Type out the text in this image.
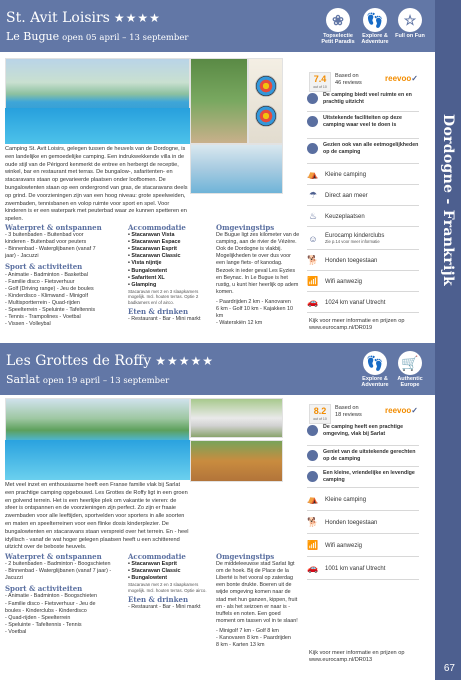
Dordogne - Frankrijk
67
St. Avit Loisirs ★★★★
Le Bugue open 05 april – 13 september
❀
Topselectie Petit Paradis
👣
Explore & Adventure
☆
Full on Fun

Camping St. Avit Loisirs, gelegen tussen de heuvels van de Dordogne, is een landelijke en gemoedelijke camping. Een indrukwekkende villa in de oude stijl van de Périgord kenmerkt de entree en herbergt de receptie, winkel, bar en restaurant met terras. De bungalow-, safaritenten- en stacaravans staan op gevarieerde plaatsen onder loofbomen. De bungalowtenten staan op een ondergrond van gras, de stacaravans deels op grind. De voorzieningen zijn van een hoog niveau: grote speelweiden, zwembaden, tennisbanen en volop ruimte voor sport en spel. Voor kinderen is er een waterpark met peuterbad waar ze kunnen spetteren en spelen.

Waterpret & ontspannen
- 3 buitenbaden - Buitenbad voor kinderen - Buitenbad voor peuters
- Binnenbad - Waterglijbanen (vanaf 7 jaar) - Jacuzzi
Sport & activiteiten
- Animatie - Badminton - Basketbal
- Familie disco - Fietsverhuur
- Golf (Driving range) - Jeu de boules
- Kinderdisco - Klimwand - Minigolf
- Multisportterrein - Quad-rijden
- Speelterrein - Speluinte - Tafeltennis
- Tennis - Trampolines - Voetbal
- Vissen - Volleybal
Accommodatie
• Stacaravan Vista
• Stacaravan Espace
• Stacaravan Esprit
• Stacaravan Classic
• Vista nijntje
• Bungalowtent
• Safaritent XL
• Glamping
Stacaravan met 2 en 3 slaapkamers mogelijk. Incl. houten terras. Optie 2 badkamers en/ of airco.
Eten & drinken
- Restaurant - Bar - Mini markt
Omgevingstips
De Bugue ligt zes kilometer van de camping, aan de rivier de Vézère. Ook de Dordogne is vlakbij. Mogelijkheden te over dus voor een lange fiets- of kanodag. Bezoek in ieder geval Les Eyzies en Beynac. In Le Bugue is het rustig, u kunt hier heerlijk op adem komen.
- Paardrijden 2 km - Kanovaren
6 km - Golf 10 km - Kajakken 10 km
- Waterskiën 12 km
7.4
out of 10
Based on
46 reviews	reevoo✓
De camping biedt veel ruimte en en prachtig uitzicht
Uitstekende faciliteiten op deze camping waar veel te doen is
Gezien ook van alle eetmogelijkheden op de camping
⛺ Kleine camping
☂	Direct aan meer
♨	Keuzeplaatsen
☺ Eurocamp kinderclubs
Zie p.14 voor meer informatie
🐕 Honden toegestaan
📶 Wifi aanwezig
🚗 1024 km vanaf Utrecht
Kijk voor meer informatie en prijzen op www.eurocamp.nl/DR019
Les Grottes de Roffy ★★★★★
Sarlat open 19 april – 13 september
👣
Explore & Adventure
🛒
Authentic Europe

Met veel inzet en enthousiasme heeft een Franse familie vlak bij Sarlat een prachtige camping opgebouwd. Les Grottes de Roffy ligt in een groen en golvend terrein. Het is een heerlijke plek om vakantie te vieren: de sfeer is ontspannen en de voorzieningen zijn perfect. Zo zijn er fraaie zwembaden voor alle leeftijden, sportvelden voor sporters in alle soorten en maten en speelterreinen voor een flinke dosis kinderplezier. De bungalowtenten en stacaravans staan verspreid over het terrein. En - heel idyllisch - vanaf de wat hoger gelegen plaatsen heeft u een schitterend uitzicht over de beboste heuvels.

Waterpret & ontspannen
- 2 buitenbaden - Badminton - Boogschieten
- Binnenbad - Waterglijbanen (vanaf 7 jaar) - Jacuzzi
Sport & activiteiten
- Animatie - Badminton - Boogschieten
- Familie disco - Fietsverhuur - Jeu de
boules - Kinderclubs - Kinderdisco
- Quad-rijden - Speelterrein
- Speluinte - Tafeltennis - Tennis
- Voetbal
Accommodatie
• Stacaravan Esprit
• Stacaravan Classic
• Bungalowtent
Stacaravan met 2 en 3 slaapkamers mogelijk. Incl. houten terras. Optie airco.
Eten & drinken
- Restaurant - Bar - Mini markt
Omgevingstips
De middeleeuwse stad Sarlat ligt om de hoek. Bij de Place de la Liberté is het vooral op zaterdag een bonte drukte. Boeren uit de wijde omgeving komen naar de stad met hun ganzen, kippen, fruit en - als het seizoen er naar is - truffels en noten. Een goed moment om tassen vol in te slaan!
- Minigolf 7 km - Golf 8 km
- Kanovaren 8 km - Paardrijden
8 km - Karten 13 km
8.2
out of 10
Based on
18 reviews	reevoo✓
De camping heeft een prachtige omgeving, vlak bij Sarlat
Geniet van de uitstekende gerechten op de camping
Een kleine, vriendelijke en levendige camping
⛺ Kleine camping
🐕 Honden toegestaan
📶 Wifi aanwezig
🚗 1001 km vanaf Utrecht
Kijk voor meer informatie en prijzen op www.eurocamp.nl/DR013
